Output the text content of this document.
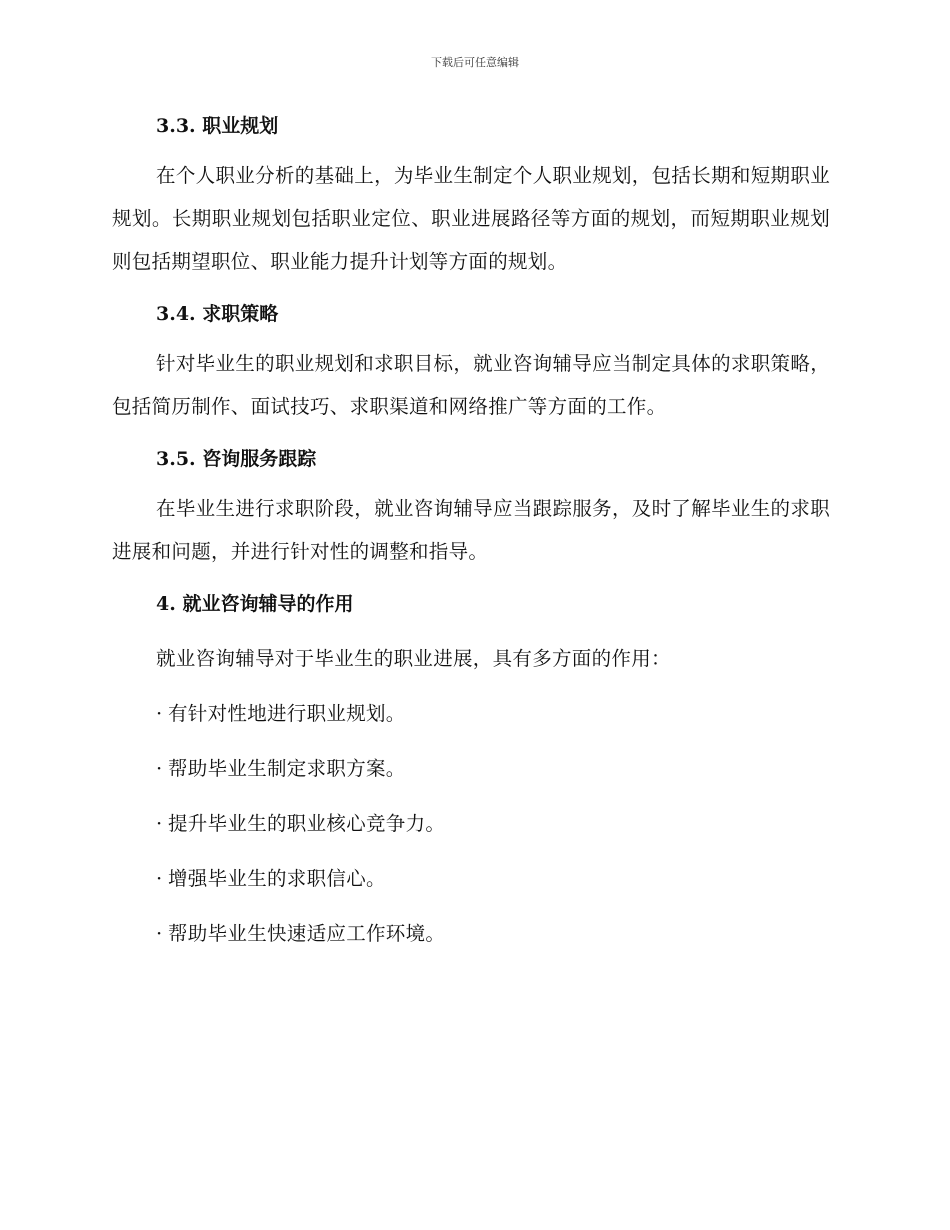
下载后可任意编辑
3.3. 职业规划

在个人职业分析的基础上，为毕业生制定个人职业规划，包括长期和短期职业规划。长期职业规划包括职业定位、职业进展路径等方面的规划，而短期职业规划则包括期望职位、职业能力提升计划等方面的规划。

3.4. 求职策略

针对毕业生的职业规划和求职目标，就业咨询辅导应当制定具体的求职策略，包括简历制作、面试技巧、求职渠道和网络推广等方面的工作。

3.5. 咨询服务跟踪

在毕业生进行求职阶段，就业咨询辅导应当跟踪服务，及时了解毕业生的求职进展和问题，并进行针对性的调整和指导。

4. 就业咨询辅导的作用

就业咨询辅导对于毕业生的职业进展，具有多方面的作用：

· 有针对性地进行职业规划。

· 帮助毕业生制定求职方案。

· 提升毕业生的职业核心竞争力。

· 增强毕业生的求职信心。

· 帮助毕业生快速适应工作环境。
